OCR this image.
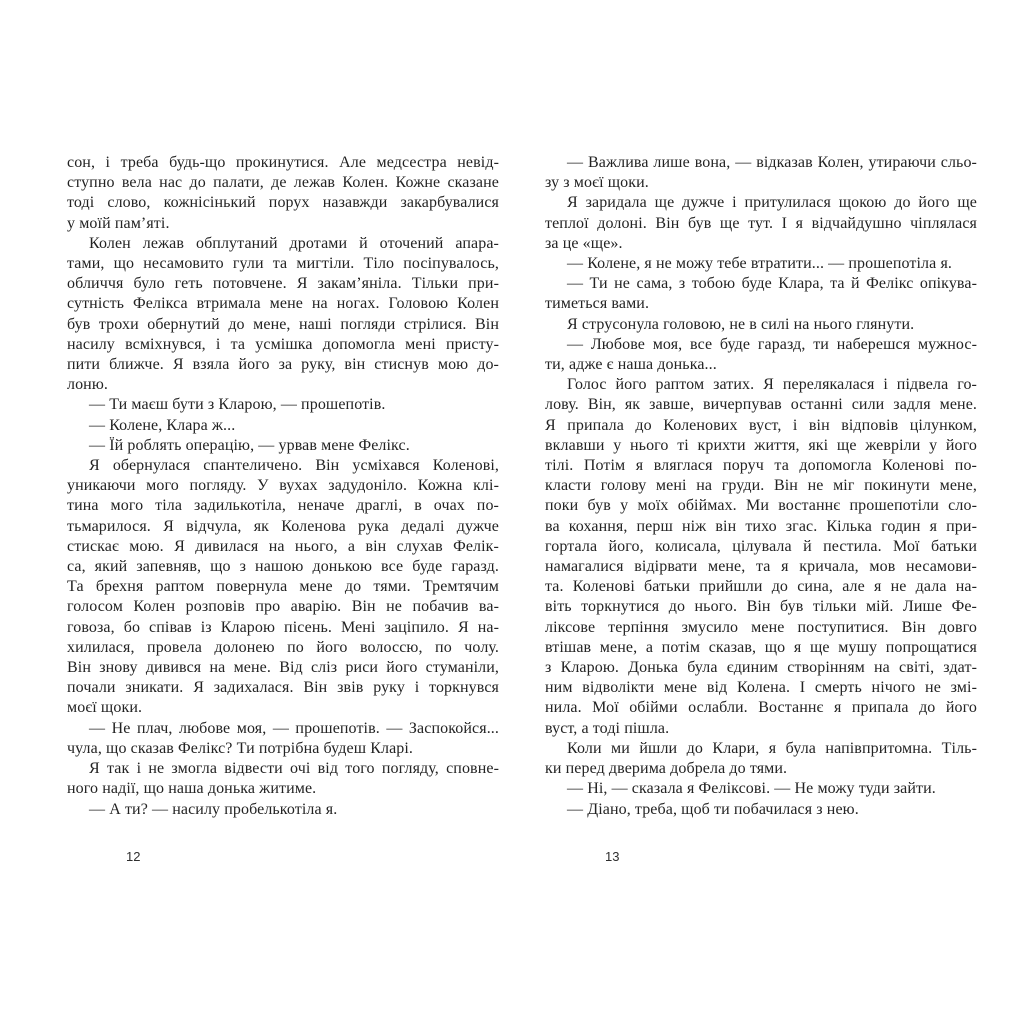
сон, і треба будь-що прокинутися. Але медсестра невід-
ступно вела нас до палати, де лежав Колен. Кожне сказане
тоді слово, кожнісінький порух назавжди закарбувалися
у моїй пам’яті.
Колен лежав обплутаний дротами й оточений апара-
тами, що несамовито гули та мигтіли. Тіло посіпувалось,
обличчя було геть потовчене. Я закам’яніла. Тільки при-
сутність Фелікса втримала мене на ногах. Головою Колен
був трохи обернутий до мене, наші погляди стрілися. Він
насилу всміхнувся, і та усмішка допомогла мені присту-
пити ближче. Я взяла його за руку, він стиснув мою до-
лоню.
— Ти маєш бути з Кларою, — прошепотів.
— Колене, Клара ж...
— Їй роблять операцію, — урвав мене Фелікс.
Я обернулася спантеличено. Він усміхався Коленові,
уникаючи мого погляду. У вухах задудоніло. Кожна клі-
тина мого тіла задилькотіла, неначе драглі, в очах по-
тьмарилося. Я відчула, як Коленова рука дедалі дужче
стискає мою. Я дивилася на нього, а він слухав Фелік-
са, який запевняв, що з нашою донькою все буде гаразд.
Та брехня раптом повернула мене до тями. Тремтячим
голосом Колен розповів про аварію. Він не побачив ва-
говоза, бо співав із Кларою пісень. Мені заціпило. Я на-
хилилася, провела долонею по його волоссю, по чолу.
Він знову дивився на мене. Від сліз риси його стуманіли,
почали зникати. Я задихалася. Він звів руку і торкнувся
моєї щоки.
— Не плач, любове моя, — прошепотів. — Заспокойся...
чула, що сказав Фелікс? Ти потрібна будеш Кларі.
Я так і не змогла відвести очі від того погляду, сповне-
ного надії, що наша донька житиме.
— А ти? — насилу пробелькотіла я.
— Важлива лише вона, — відказав Колен, утираючи сльо-
зу з моєї щоки.
Я заридала ще дужче і притулилася щокою до його ще
теплої долоні. Він був ще тут. І я відчайдушно чіплялася
за це «ще».
— Колене, я не можу тебе втратити... — прошепотіла я.
— Ти не сама, з тобою буде Клара, та й Фелікс опікува-
тиметься вами.
Я струсонула головою, не в силі на нього глянути.
— Любове моя, все буде гаразд, ти наберешся мужнос-
ти, адже є наша донька...
Голос його раптом затих. Я перелякалася і підвела го-
лову. Він, як завше, вичерпував останні сили задля мене.
Я припала до Коленових вуст, і він відповів цілунком,
вклавши у нього ті крихти життя, які ще жевріли у його
тілі. Потім я вляглася поруч та допомогла Коленові по-
класти голову мені на груди. Він не міг покинути мене,
поки був у моїх обіймах. Ми востаннє прошепотіли сло-
ва кохання, перш ніж він тихо згас. Кілька годин я при-
гортала його, колисала, цілувала й пестила. Мої батьки
намагалися відірвати мене, та я кричала, мов несамови-
та. Коленові батьки прийшли до сина, але я не дала на-
віть торкнутися до нього. Він був тільки мій. Лише Фе-
ліксове терпіння змусило мене поступитися. Він довго
втішав мене, а потім сказав, що я ще мушу попрощатися
з Кларою. Донька була єдиним створінням на світі, здат-
ним відволікти мене від Колена. І смерть нічого не змі-
нила. Мої обійми ослабли. Востаннє я припала до його
вуст, а тоді пішла.
Коли ми йшли до Клари, я була напівпритомна. Тіль-
ки перед дверима добрела до тями.
— Ні, — сказала я Феліксові. — Не можу туди зайти.
— Діано, треба, щоб ти побачилася з нею.
12	13
